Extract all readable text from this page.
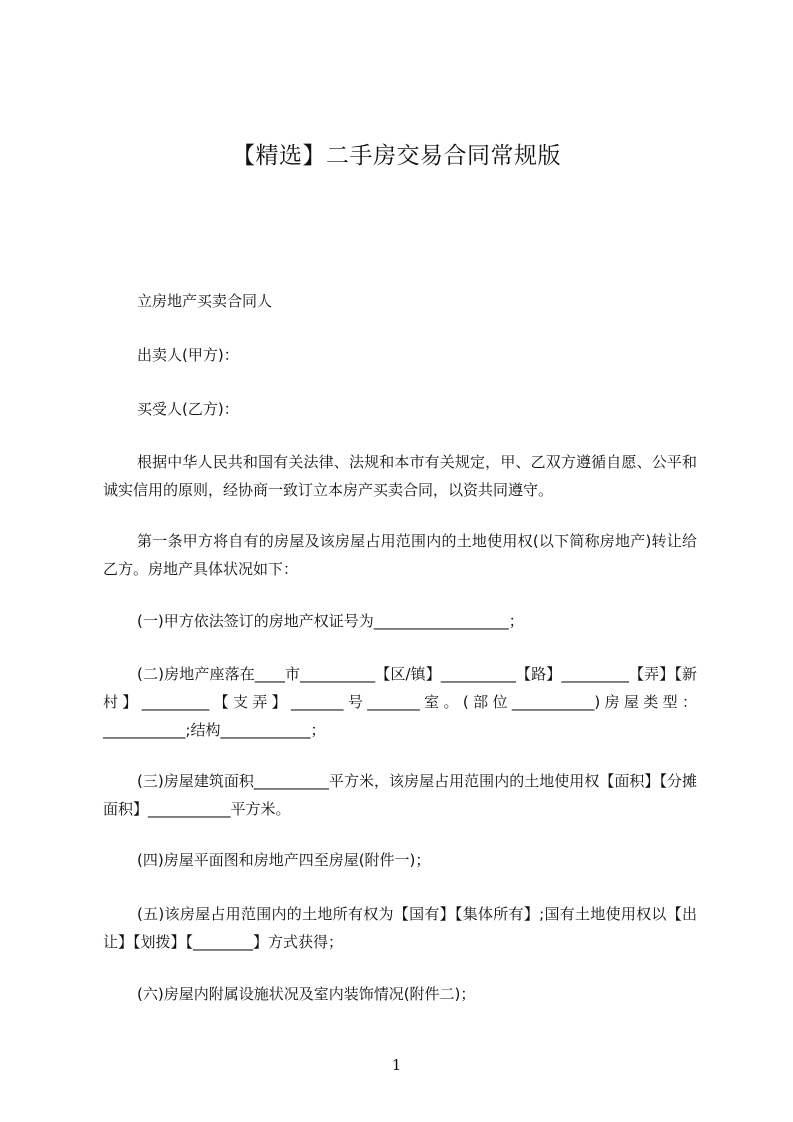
【精选】二手房交易合同常规版
立房地产买卖合同人
出卖人(甲方)：
买受人(乙方)：
根据中华人民共和国有关法律、法规和本市有关规定，甲、乙双方遵循自愿、公平和诚实信用的原则，经协商一致订立本房产买卖合同，以资共同遵守。
第一条甲方将自有的房屋及该房屋占用范围内的土地使用权(以下简称房地产)转让给乙方。房地产具体状况如下：
(一)甲方依法签订的房地产权证号为__________________；
(二)房地产座落在____市__________【区/镇】__________【路】_________【弄】【新村】_________【支弄】_______号_______室。(部位___________)房屋类型：___________;结构____________；
(三)房屋建筑面积__________平方米，该房屋占用范围内的土地使用权【面积】【分摊面积】___________平方米。
(四)房屋平面图和房地产四至房屋(附件一)；
(五)该房屋占用范围内的土地所有权为【国有】【集体所有】;国有土地使用权以【出让】【划拨】【________】方式获得；
(六)房屋内附属设施状况及室内装饰情况(附件二)；
1
